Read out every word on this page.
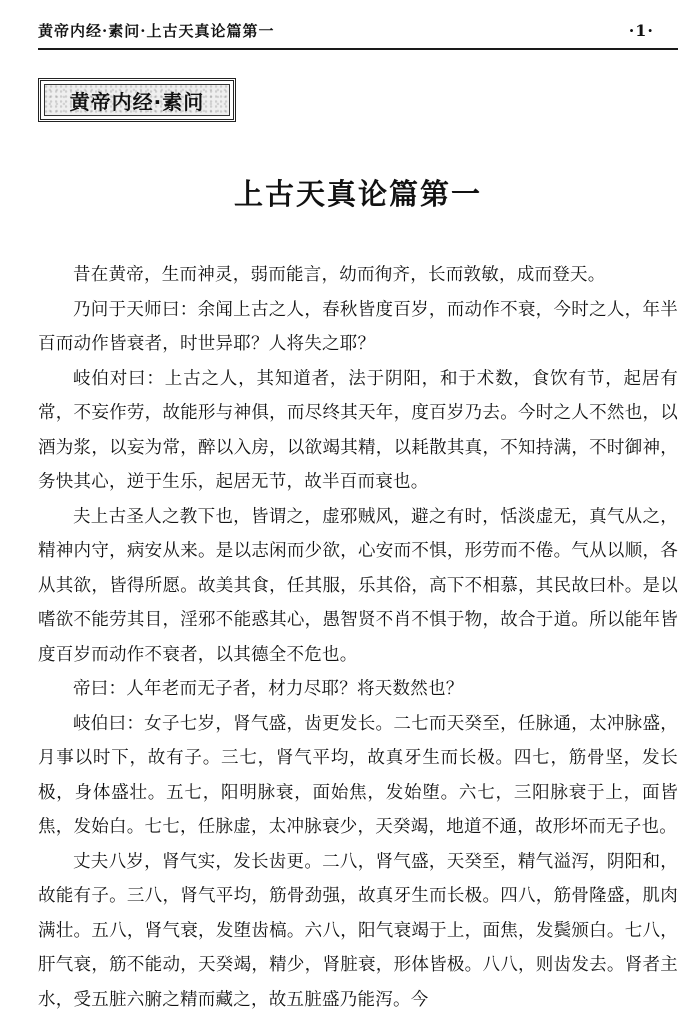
黄帝内经·素问·上古天真论篇第一	·1·
黄帝内经·素问
上古天真论篇第一

昔在黄帝，生而神灵，弱而能言，幼而徇齐，长而敦敏，成而登天。

乃问于天师曰：余闻上古之人，春秋皆度百岁，而动作不衰，今时之人，年半百而动作皆衰者，时世异耶？人将失之耶？

岐伯对曰：上古之人，其知道者，法于阴阳，和于术数，食饮有节，起居有常，不妄作劳，故能形与神俱，而尽终其天年，度百岁乃去。今时之人不然也，以酒为浆，以妄为常，醉以入房，以欲竭其精，以耗散其真，不知持满，不时御神，务快其心，逆于生乐，起居无节，故半百而衰也。

夫上古圣人之教下也，皆谓之，虚邪贼风，避之有时，恬淡虚无，真气从之，精神内守，病安从来。是以志闲而少欲，心安而不惧，形劳而不倦。气从以顺，各从其欲，皆得所愿。故美其食，任其服，乐其俗，高下不相慕，其民故曰朴。是以嗜欲不能劳其目，淫邪不能惑其心，愚智贤不肖不惧于物，故合于道。所以能年皆度百岁而动作不衰者，以其德全不危也。

帝曰：人年老而无子者，材力尽耶？将天数然也？

岐伯曰：女子七岁，肾气盛，齿更发长。二七而天癸至，任脉通，太冲脉盛，月事以时下，故有子。三七，肾气平均，故真牙生而长极。四七，筋骨坚，发长极，身体盛壮。五七，阳明脉衰，面始焦，发始堕。六七，三阳脉衰于上，面皆焦，发始白。七七，任脉虚，太冲脉衰少，天癸竭，地道不通，故形坏而无子也。

丈夫八岁，肾气实，发长齿更。二八，肾气盛，天癸至，精气溢泻，阴阳和，故能有子。三八，肾气平均，筋骨劲强，故真牙生而长极。四八，筋骨隆盛，肌肉满壮。五八，肾气衰，发堕齿槁。六八，阳气衰竭于上，面焦，发鬓颁白。七八，肝气衰，筋不能动，天癸竭，精少，肾脏衰，形体皆极。八八，则齿发去。肾者主水，受五脏六腑之精而藏之，故五脏盛乃能泻。今
